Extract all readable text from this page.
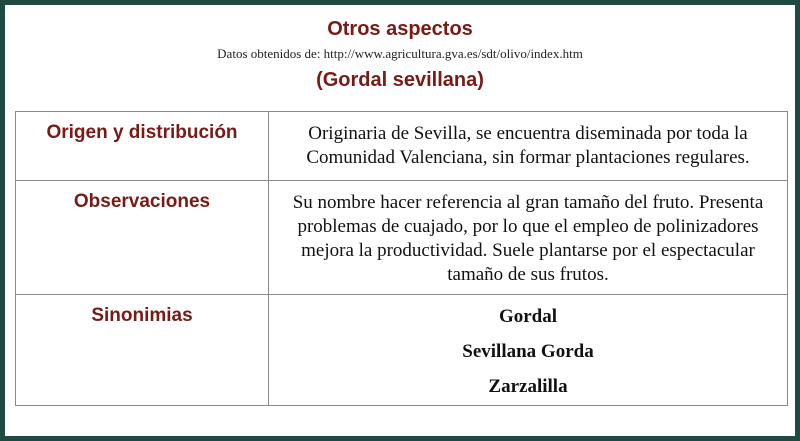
Otros aspectos
Datos obtenidos de: http://www.agricultura.gva.es/sdt/olivo/index.htm
(Gordal sevillana)
Origen y distribución	Originaria de Sevilla, se encuentra diseminada por toda la Comunidad Valenciana, sin formar plantaciones regulares.
Observaciones	Su nombre hacer referencia al gran tamaño del fruto. Presenta problemas de cuajado, por lo que el empleo de polinizadores mejora la productividad. Suele plantarse por el espectacular tamaño de sus frutos.
Sinonimias	Gordal
Sevillana Gorda
Zarzalilla
